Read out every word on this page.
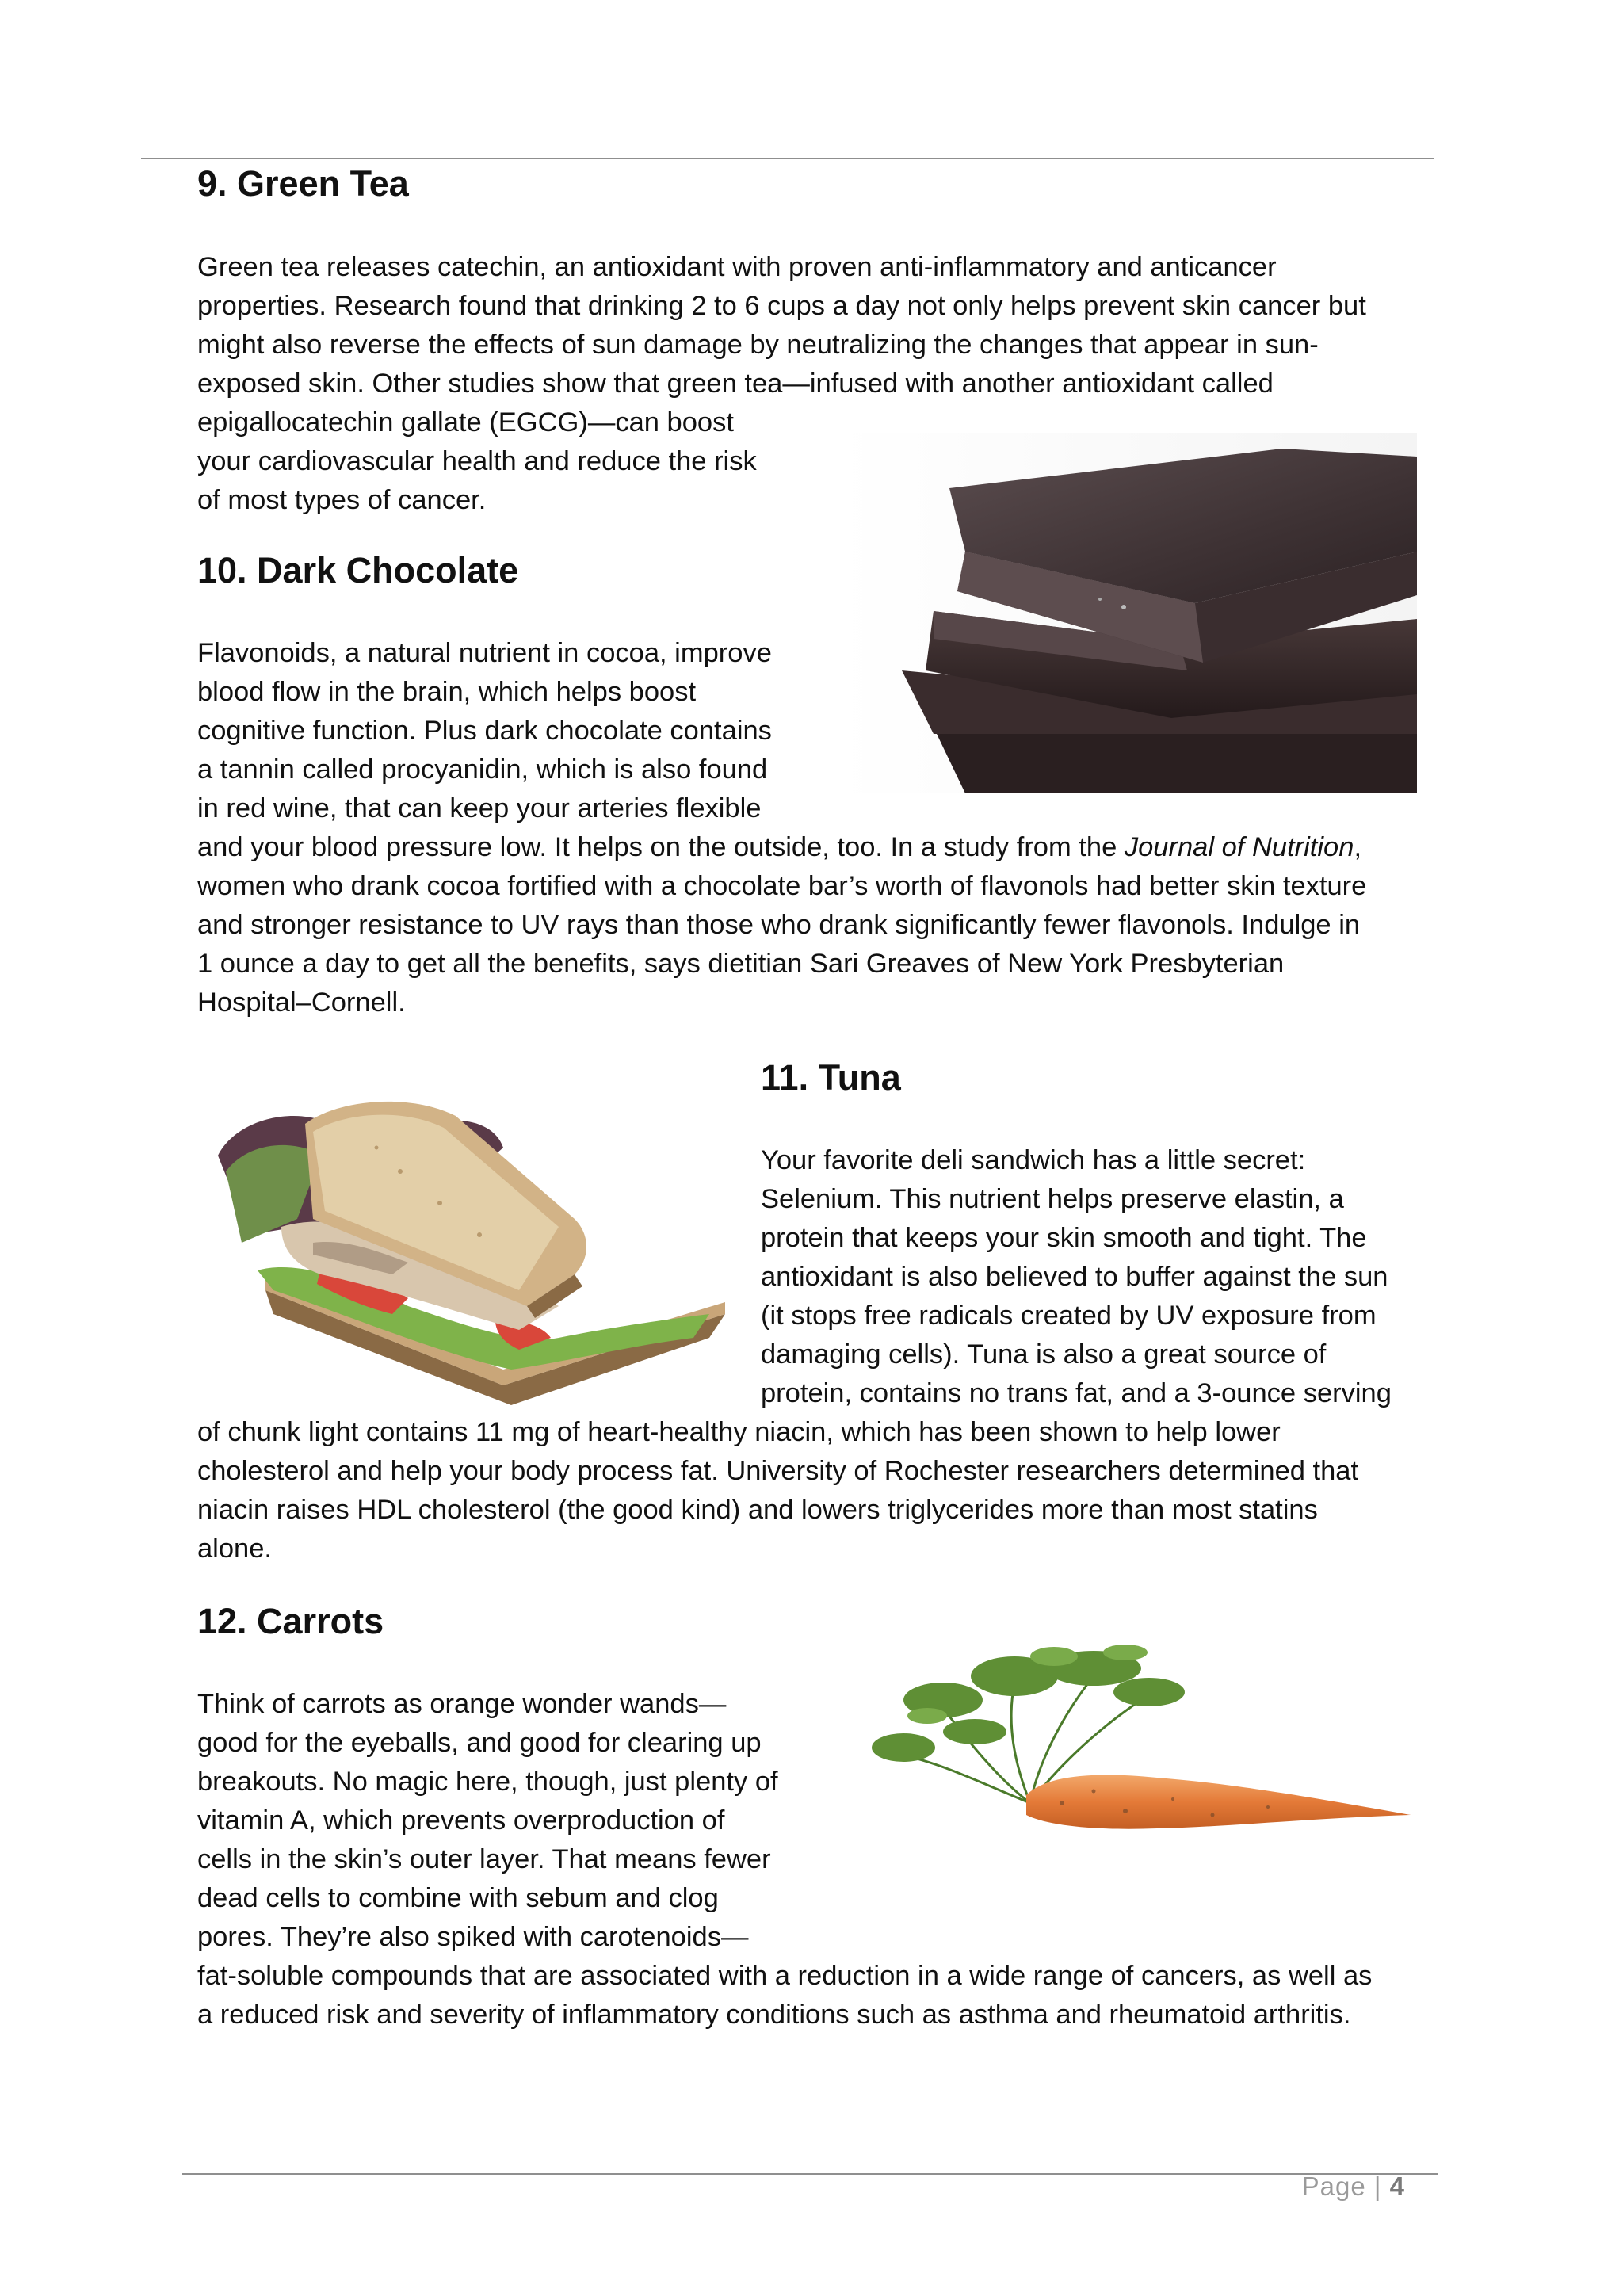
9. Green Tea
Green tea releases catechin, an antioxidant with proven anti-inflammatory and anticancer
properties. Research found that drinking 2 to 6 cups a day not only helps prevent skin cancer but
might also reverse the effects of sun damage by neutralizing the changes that appear in sun-
exposed skin. Other studies show that green tea—infused with another antioxidant called
epigallocatechin gallate (EGCG)—can boost
your cardiovascular health and reduce the risk
of most types of cancer.
10. Dark Chocolate
Flavonoids, a natural nutrient in cocoa, improve
blood flow in the brain, which helps boost
cognitive function. Plus dark chocolate contains
a tannin called procyanidin, which is also found
in red wine, that can keep your arteries flexible
and your blood pressure low. It helps on the outside, too. In a study from the Journal of Nutrition,
women who drank cocoa fortified with a chocolate bar’s worth of flavonols had better skin texture
and stronger resistance to UV rays than those who drank significantly fewer flavonols. Indulge in
1 ounce a day to get all the benefits, says dietitian Sari Greaves of New York Presbyterian
Hospital–Cornell.
11. Tuna
Your favorite deli sandwich has a little secret:
Selenium. This nutrient helps preserve elastin, a
protein that keeps your skin smooth and tight. The
antioxidant is also believed to buffer against the sun
(it stops free radicals created by UV exposure from
damaging cells). Tuna is also a great source of
protein, contains no trans fat, and a 3-ounce serving
of chunk light contains 11 mg of heart-healthy niacin, which has been shown to help lower
cholesterol and help your body process fat. University of Rochester researchers determined that
niacin raises HDL cholesterol (the good kind) and lowers triglycerides more than most statins
alone.
12. Carrots
Think of carrots as orange wonder wands—
good for the eyeballs, and good for clearing up
breakouts. No magic here, though, just plenty of
vitamin A, which prevents overproduction of
cells in the skin’s outer layer. That means fewer
dead cells to combine with sebum and clog
pores. They’re also spiked with carotenoids—
fat-soluble compounds that are associated with a reduction in a wide range of cancers, as well as
a reduced risk and severity of inflammatory conditions such as asthma and rheumatoid arthritis.
Page | 4
